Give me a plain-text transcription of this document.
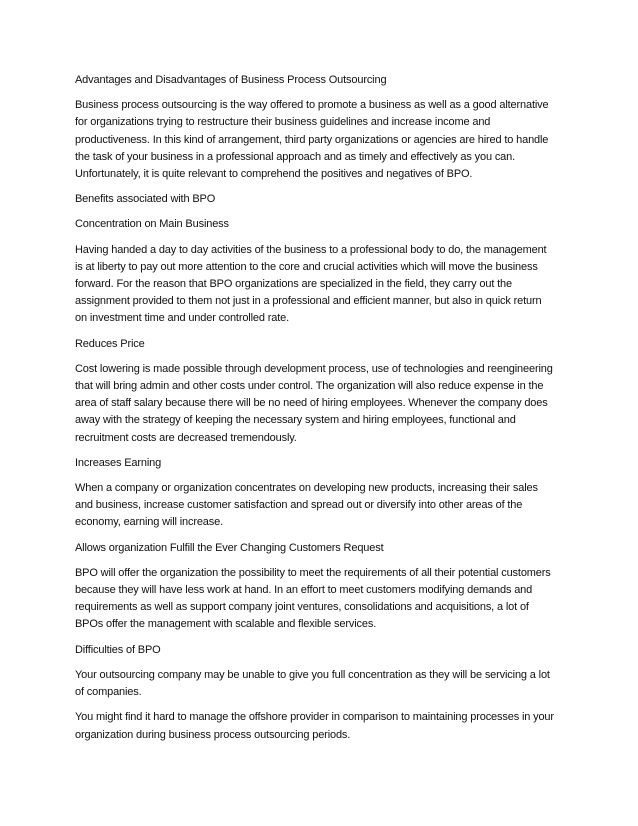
Advantages and Disadvantages of Business Process Outsourcing

Business process outsourcing is the way offered to promote a business as well as a good alternative for organizations trying to restructure their business guidelines and increase income and productiveness. In this kind of arrangement, third party organizations or agencies are hired to handle the task of your business in a professional approach and as timely and effectively as you can. Unfortunately, it is quite relevant to comprehend the positives and negatives of BPO.

Benefits associated with BPO

Concentration on Main Business

Having handed a day to day activities of the business to a professional body to do, the management is at liberty to pay out more attention to the core and crucial activities which will move the business forward. For the reason that BPO organizations are specialized in the field, they carry out the assignment provided to them not just in a professional and efficient manner, but also in quick return on investment time and under controlled rate.

Reduces Price

Cost lowering is made possible through development process, use of technologies and reengineering that will bring admin and other costs under control. The organization will also reduce expense in the area of staff salary because there will be no need of hiring employees. Whenever the company does away with the strategy of keeping the necessary system and hiring employees, functional and recruitment costs are decreased tremendously.

Increases Earning

When a company or organization concentrates on developing new products, increasing their sales and business, increase customer satisfaction and spread out or diversify into other areas of the economy, earning will increase.

Allows organization Fulfill the Ever Changing Customers Request

BPO will offer the organization the possibility to meet the requirements of all their potential customers because they will have less work at hand. In an effort to meet customers modifying demands and requirements as well as support company joint ventures, consolidations and acquisitions, a lot of BPOs offer the management with scalable and flexible services.

Difficulties of BPO

Your outsourcing company may be unable to give you full concentration as they will be servicing a lot of companies.

You might find it hard to manage the offshore provider in comparison to maintaining processes in your organization during business process outsourcing periods.
